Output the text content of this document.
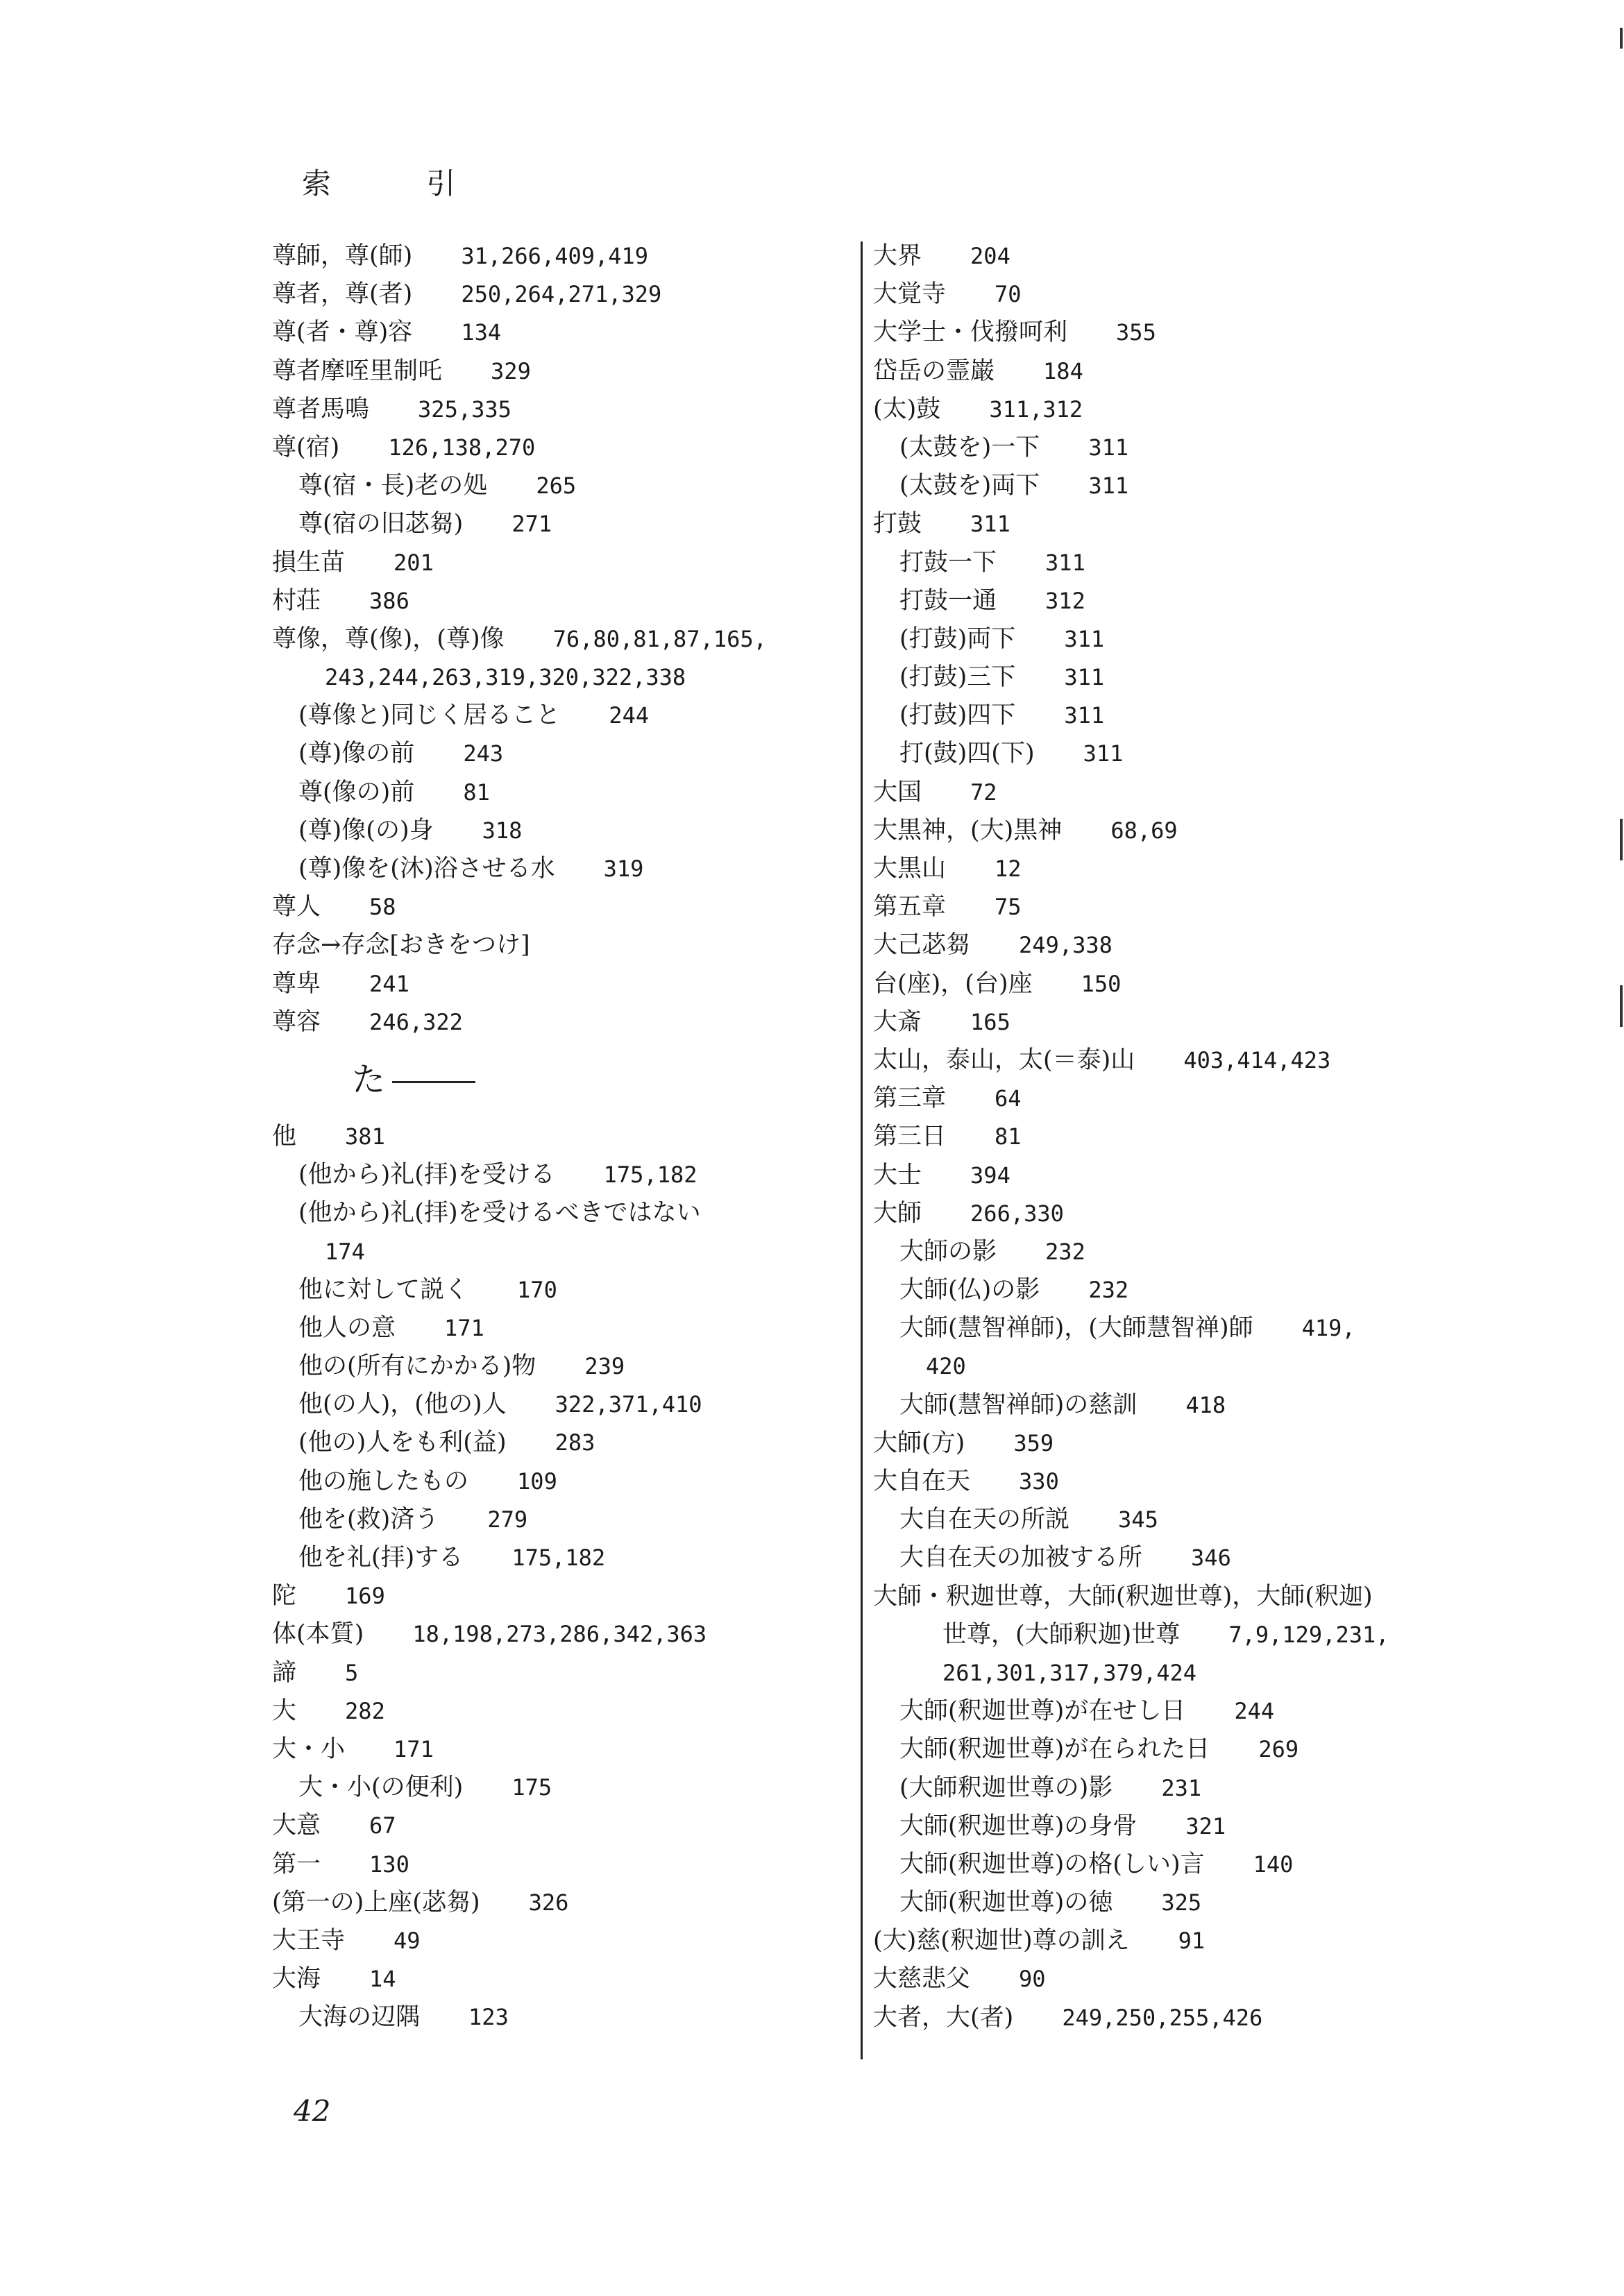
索 引
尊師，尊(師)　　 31,266,409,419
尊者，尊(者)　　 250,264,271,329
尊(者・尊)容　　 134
尊者摩咥里制吒　　 329
尊者馬鳴　　 325,335
尊(宿)　　 126,138,270
尊(宿・長)老の処　　 265
尊(宿の旧苾芻)　　 271
損生苗　　 201
村荘　　 386
尊像，尊(像)，(尊)像　　 76,80,81,87,165,
243,244,263,319,320,322,338
(尊像と)同じく居ること　　 244
(尊)像の前　　 243
尊(像の)前　　 81
(尊)像(の)身　　 318
(尊)像を(沐)浴させる水　　 319
尊人　　 58
存念→存念[おきをつけ]
尊卑　　 241
尊容　　 246,322
た
他　　 381
(他から)礼(拝)を受ける　　 175,182
(他から)礼(拝)を受けるべきではない
174
他に対して説く　　 170
他人の意　　 171
他の(所有にかかる)物　　 239
他(の人)，(他の)人　　 322,371,410
(他の)人をも利(益)　　 283
他の施したもの　　 109
他を(救)済う　　 279
他を礼(拝)する　　 175,182
陀　　 169
体(本質)　　 18,198,273,286,342,363
諦　　 5
大　　 282
大・小　　 171
大・小(の便利)　　 175
大意　　 67
第一　　 130
(第一の)上座(苾芻)　　 326
大王寺　　 49
大海　　 14
大海の辺隅　　 123
大界　　 204
大覚寺　　 70
大学士・伐撥呵利　　 355
岱岳の霊巌　　 184
(太)鼓　　 311,312
(太鼓を)一下　　 311
(太鼓を)両下　　 311
打鼓　　 311
打鼓一下　　 311
打鼓一通　　 312
(打鼓)両下　　 311
(打鼓)三下　　 311
(打鼓)四下　　 311
打(鼓)四(下)　　 311
大国　　 72
大黒神，(大)黒神　　 68,69
大黒山　　 12
第五章　　 75
大己苾芻　　 249,338
台(座)，(台)座　　 150
大斎　　 165
太山，泰山，太(＝泰)山　　 403,414,423
第三章　　 64
第三日　　 81
大士　　 394
大師　　 266,330
大師の影　　 232
大師(仏)の影　　 232
大師(慧智禅師)，(大師慧智禅)師　　 419,
420
大師(慧智禅師)の慈訓　　 418
大師(方)　　 359
大自在天　　 330
大自在天の所説　　 345
大自在天の加被する所　　 346
大師・釈迦世尊，大師(釈迦世尊)，大師(釈迦)
世尊，(大師釈迦)世尊　　 7,9,129,231,
261,301,317,379,424
大師(釈迦世尊)が在せし日　　 244
大師(釈迦世尊)が在られた日　　 269
(大師釈迦世尊の)影　　 231
大師(釈迦世尊)の身骨　　 321
大師(釈迦世尊)の格(しい)言　　 140
大師(釈迦世尊)の徳　　 325
(大)慈(釈迦世)尊の訓え　　 91
大慈悲父　　 90
大者，大(者)　　 249,250,255,426
42
